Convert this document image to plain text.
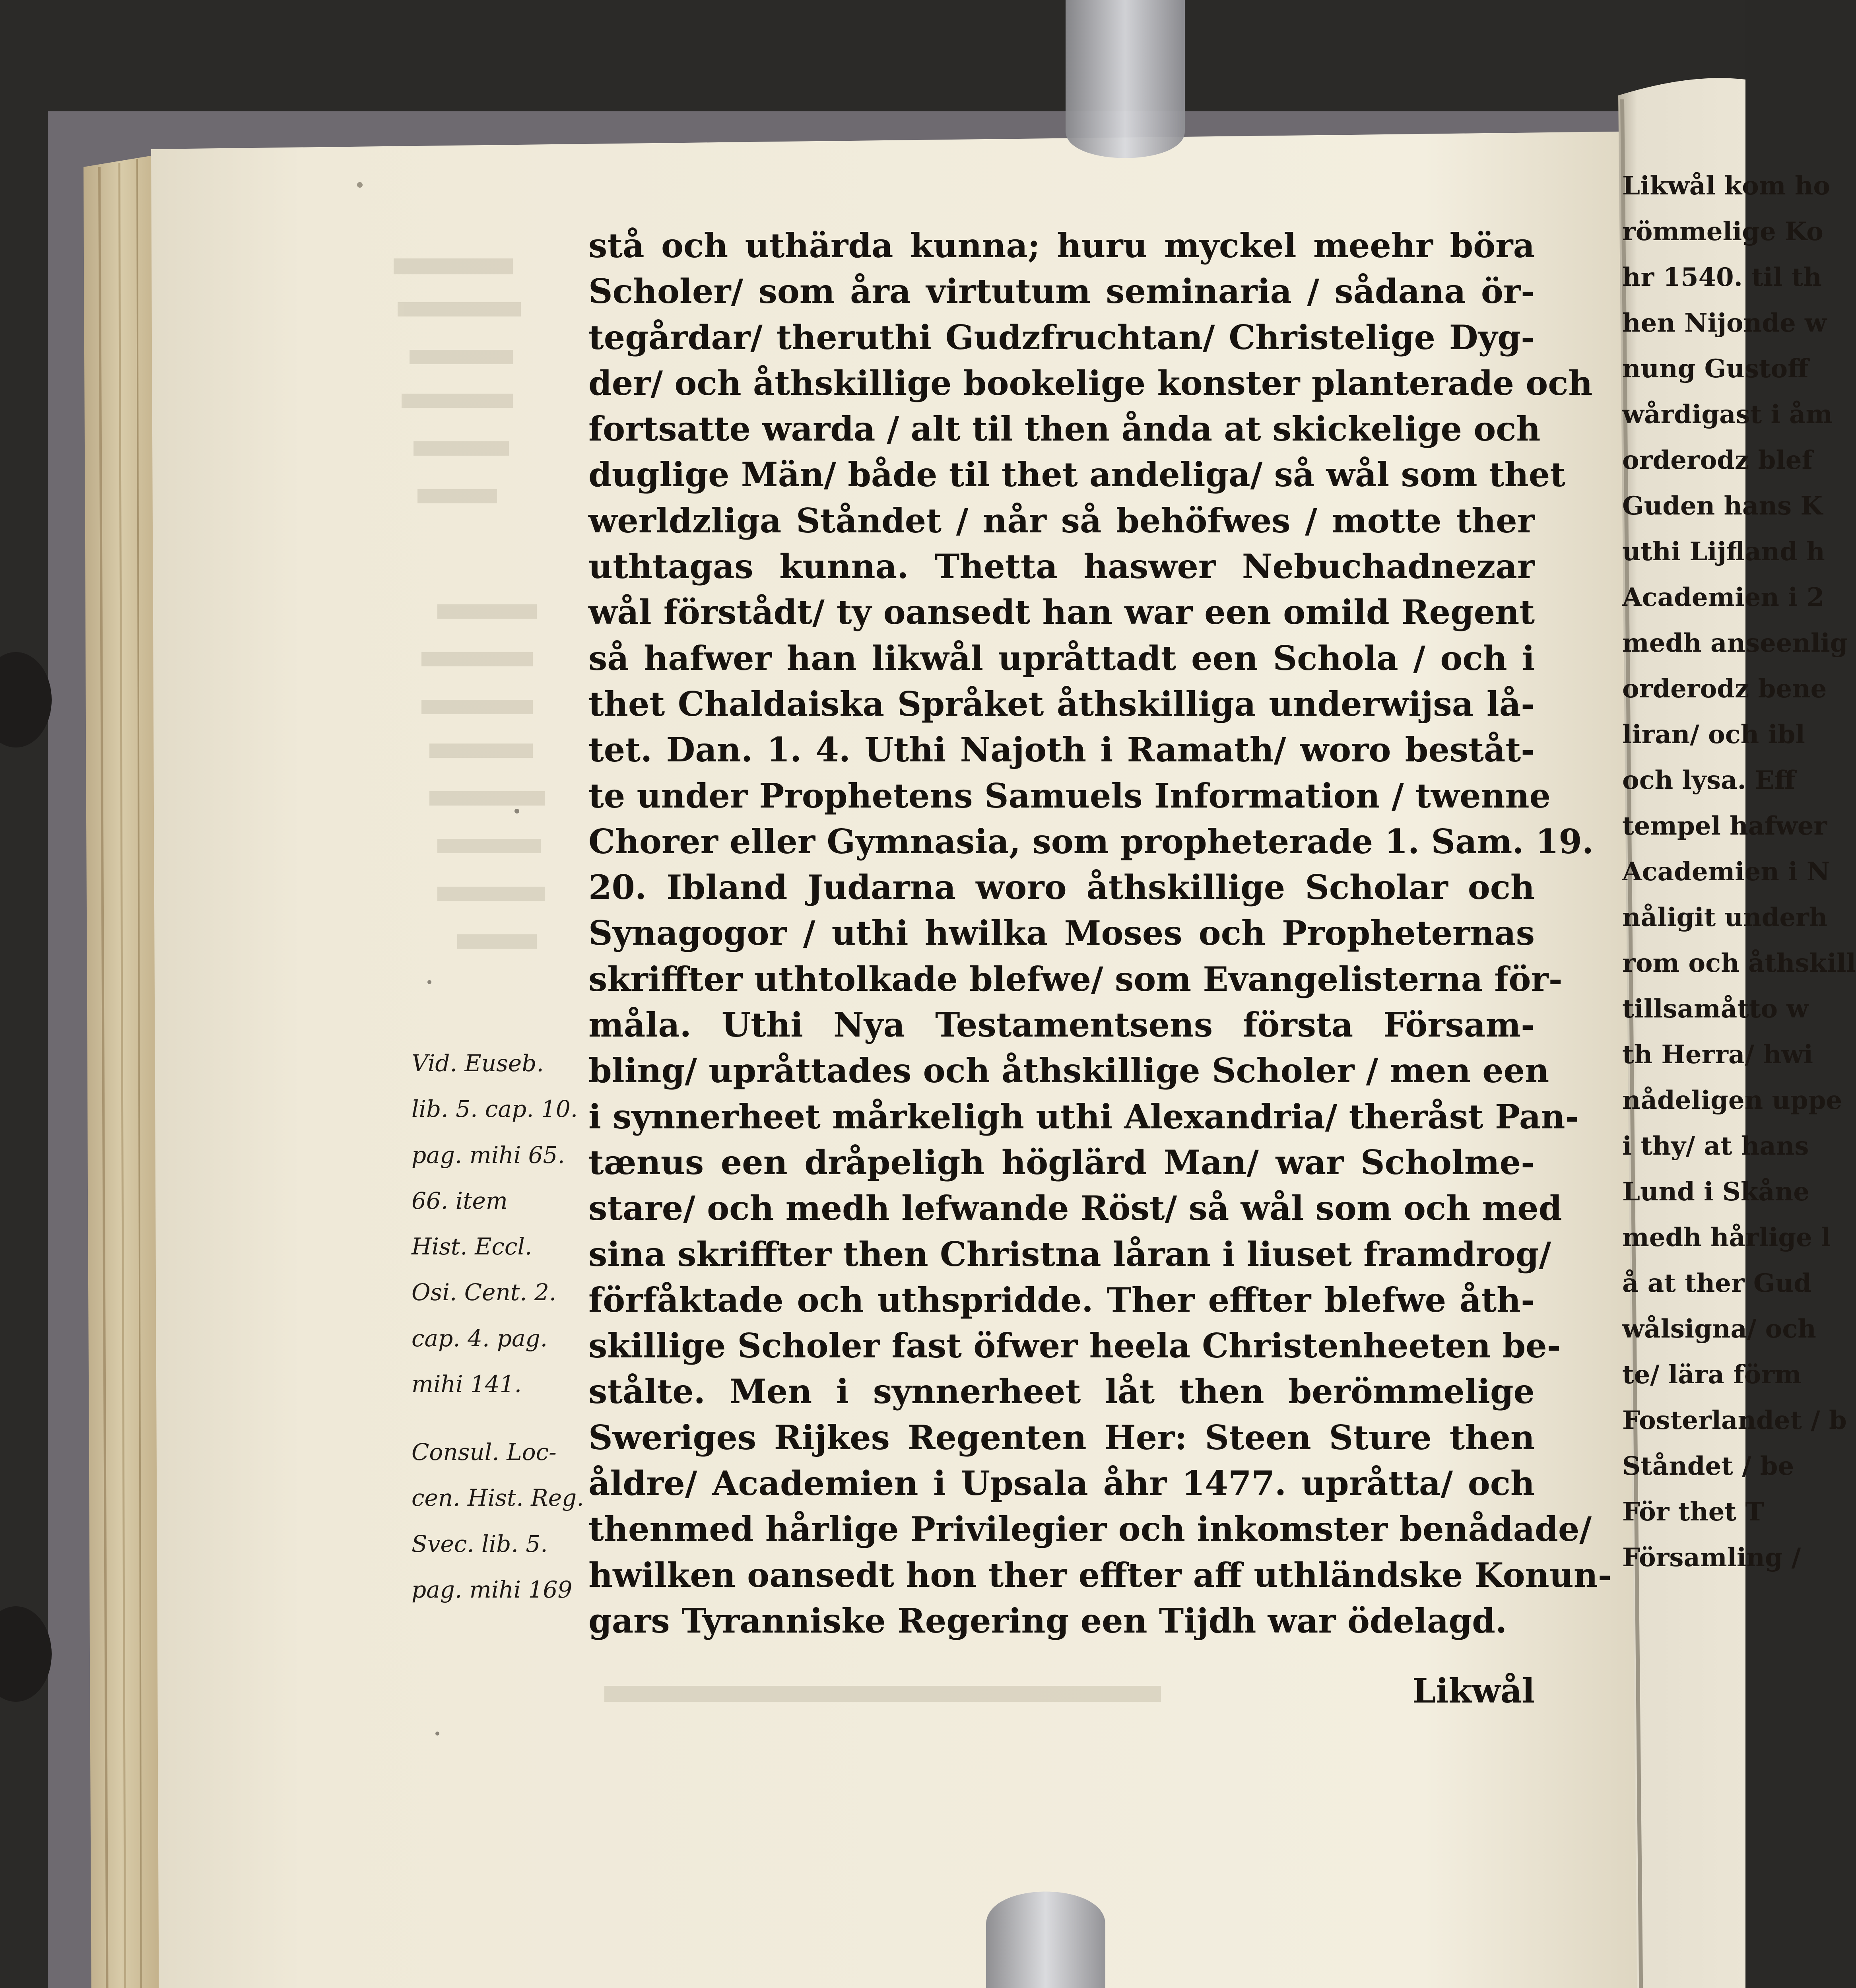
stå och uthärda kunna; huru myckel meehr böra
Scholer/ som åra virtutum seminaria / sådana ör-
tegårdar/ theruthi Gudzfruchtan/ Christelige Dyg-
der/ och åthskillige bookelige konster planterade och
fortsatte warda / alt til then ånda at skickelige och
duglige Män/ både til thet andeliga/ så wål som thet
werldzliga Ståndet / når så behöfwes / motte ther
uthtagas kunna. Thetta haswer Nebuchadnezar
wål förstådt/ ty oansedt han war een omild Regent
så hafwer han likwål upråttadt een Schola / och i
thet Chaldaiska Språket åthskilliga underwijsa lå-
tet. Dan. 1. 4. Uthi Najoth i Ramath/ woro beståt-
te under Prophetens Samuels Information / twenne
Chorer eller Gymnasia, som propheterade 1. Sam. 19.
20. Ibland Judarna woro åthskillige Scholar och
Synagogor / uthi hwilka Moses och Propheternas
skriffter uthtolkade blefwe/ som Evangelisterna för-
måla. Uthi Nya Testamentsens första Försam-
bling/ upråttades och åthskillige Scholer / men een
i synnerheet mårkeligh uthi Alexandria/ theråst Pan-
tænus een dråpeligh höglärd Man/ war Scholme-
stare/ och medh lefwande Röst/ så wål som och med
sina skriffter then Christna låran i liuset framdrog/
förfåktade och uthspridde. Ther effter blefwe åth-
skillige Scholer fast öfwer heela Christenheeten be-
stålte. Men i synnerheet låt then berömmelige
Sweriges Rijkes Regenten Her: Steen Sture then
åldre/ Academien i Upsala åhr 1477. upråtta/ och
thenmed hårlige Privilegier och inkomster benådade/
hwilken oansedt hon ther effter aff uthländske Konun-
gars Tyranniske Regering een Tijdh war ödelagd.
Likwål
Vid. Euseb.
lib. 5. cap. 10.
pag. mihi 65.
66. item
Hist. Eccl.
Osi. Cent. 2.
cap. 4. pag.
mihi 141.
Consul. Loc-
cen. Hist. Reg.
Svec. lib. 5.
pag. mihi 169
Likwål kom ho
römmelige Ko
hr 1540. til th
hen Nijonde w
nung Gustoff
wårdigast i åm
orderodz blef
Guden hans K
uthi Lijfland h
Academien i 2
medh anseenlig
orderodz bene
liran/ och ibl
och lysa. Eff
tempel hafwer
Academien i N
nåligit underh
rom och åthskill
tillsamåtto w
th Herra/ hwi
nådeligen uppe
i thy/ at hans
Lund i Skåne
medh hårlige l
å at ther Gud
wålsigna/ och
te/ lära förm
Fosterlandet / b
Ståndet / be
För thet T
Församling /
